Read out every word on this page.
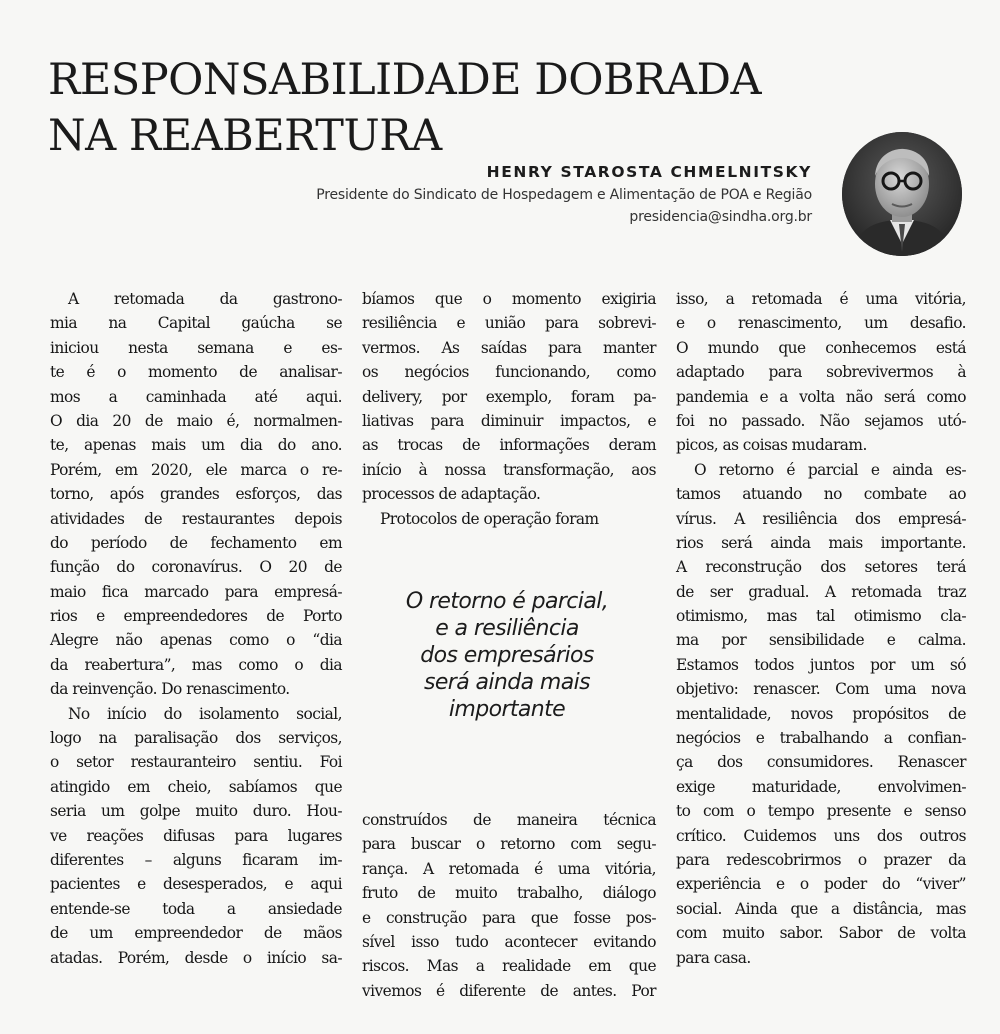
RESPONSABILIDADE DOBRADA
NA REABERTURA
HENRY STAROSTA CHMELNITSKY
Presidente do Sindicato de Hospedagem e Alimentação de POA e Região
presidencia@sindha.org.br
A retomada da gastrono-
mia na Capital gaúcha se
iniciou nesta semana e es-
te é o momento de analisar-
mos a caminhada até aqui.
O dia 20 de maio é, normalmen-
te, apenas mais um dia do ano.
Porém, em 2020, ele marca o re-
torno, após grandes esforços, das
atividades de restaurantes depois
do período de fechamento em
função do coronavírus. O 20 de
maio fica marcado para empresá-
rios e empreendedores de Porto
Alegre não apenas como o “dia
da reabertura”, mas como o dia
da reinvenção. Do renascimento.
No início do isolamento social,
logo na paralisação dos serviços,
o setor restauranteiro sentiu. Foi
atingido em cheio, sabíamos que
seria um golpe muito duro. Hou-
ve reações difusas para lugares
diferentes – alguns ficaram im-
pacientes e desesperados, e aqui
entende-se toda a ansiedade
de um empreendedor de mãos
atadas. Porém, desde o início sa-
bíamos que o momento exigiria
resiliência e união para sobrevi-
vermos. As saídas para manter
os negócios funcionando, como
delivery, por exemplo, foram pa-
liativas para diminuir impactos, e
as trocas de informações deram
início à nossa transformação, aos
processos de adaptação.
Protocolos de operação foram
O retorno é parcial,
e a resiliência
dos empresários
será ainda mais
importante
construídos de maneira técnica
para buscar o retorno com segu-
rança. A retomada é uma vitória,
fruto de muito trabalho, diálogo
e construção para que fosse pos-
sível isso tudo acontecer evitando
riscos. Mas a realidade em que
vivemos é diferente de antes. Por
isso, a retomada é uma vitória,
e o renascimento, um desafio.
O mundo que conhecemos está
adaptado para sobrevivermos à
pandemia e a volta não será como
foi no passado. Não sejamos utó-
picos, as coisas mudaram.
O retorno é parcial e ainda es-
tamos atuando no combate ao
vírus. A resiliência dos empresá-
rios será ainda mais importante.
A reconstrução dos setores terá
de ser gradual. A retomada traz
otimismo, mas tal otimismo cla-
ma por sensibilidade e calma.
Estamos todos juntos por um só
objetivo: renascer. Com uma nova
mentalidade, novos propósitos de
negócios e trabalhando a confian-
ça dos consumidores. Renascer
exige maturidade, envolvimen-
to com o tempo presente e senso
crítico. Cuidemos uns dos outros
para redescobrirmos o prazer da
experiência e o poder do “viver”
social. Ainda que a distância, mas
com muito sabor. Sabor de volta
para casa.
